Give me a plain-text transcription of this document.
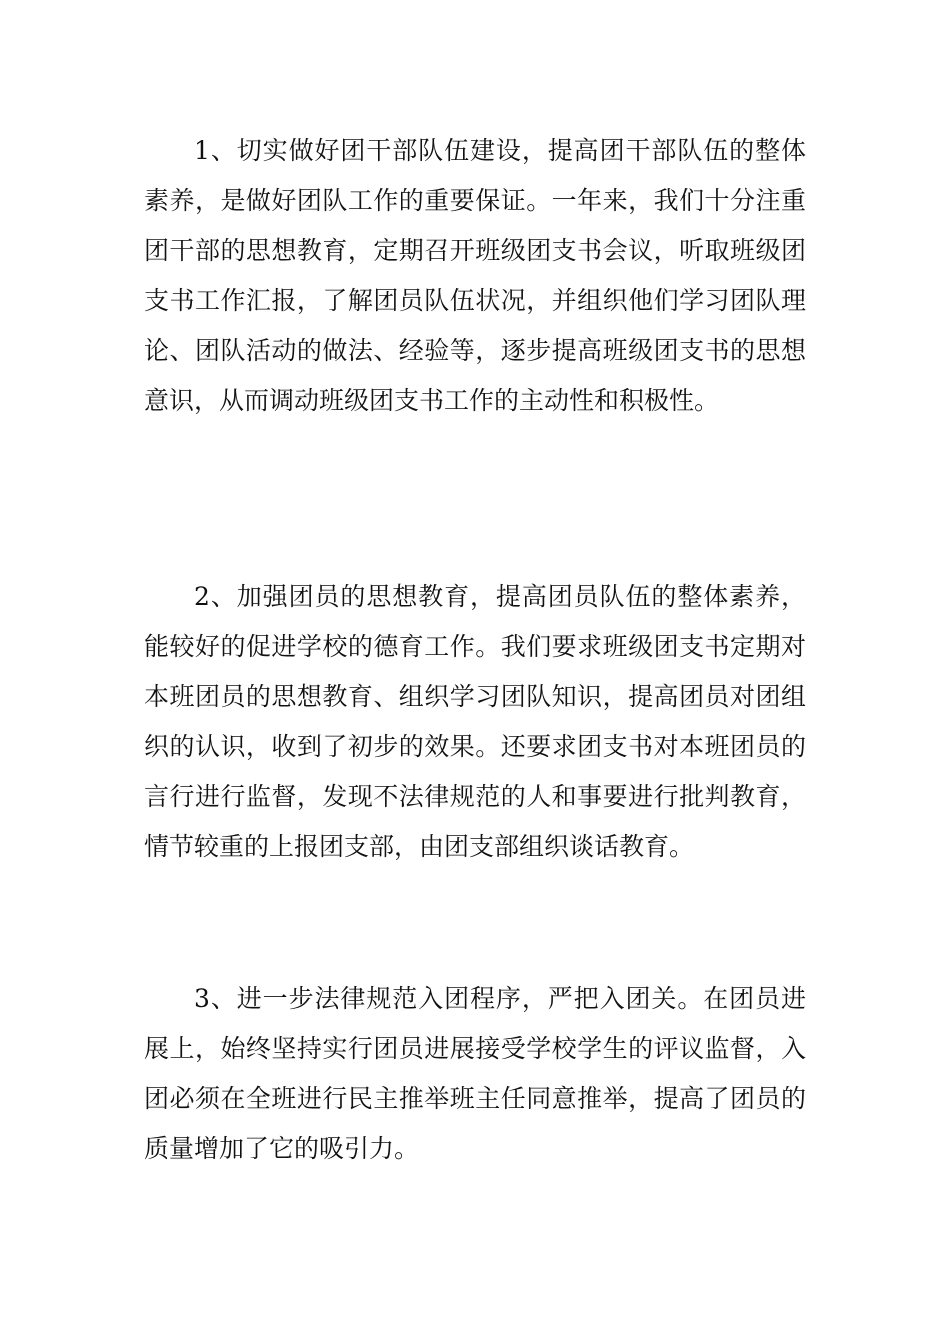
1、切实做好团干部队伍建设，提高团干部队伍的整体素养，是做好团队工作的重要保证。一年来，我们十分注重团干部的思想教育，定期召开班级团支书会议，听取班级团支书工作汇报，了解团员队伍状况，并组织他们学习团队理论、团队活动的做法、经验等，逐步提高班级团支书的思想意识，从而调动班级团支书工作的主动性和积极性。

2、加强团员的思想教育，提高团员队伍的整体素养，能较好的促进学校的德育工作。我们要求班级团支书定期对本班团员的思想教育、组织学习团队知识，提高团员对团组织的认识，收到了初步的效果。还要求团支书对本班团员的言行进行监督，发现不法律规范的人和事要进行批判教育，情节较重的上报团支部，由团支部组织谈话教育。

3、进一步法律规范入团程序，严把入团关。在团员进展上，始终坚持实行团员进展接受学校学生的评议监督，入团必须在全班进行民主推举班主任同意推举，提高了团员的质量增加了它的吸引力。
